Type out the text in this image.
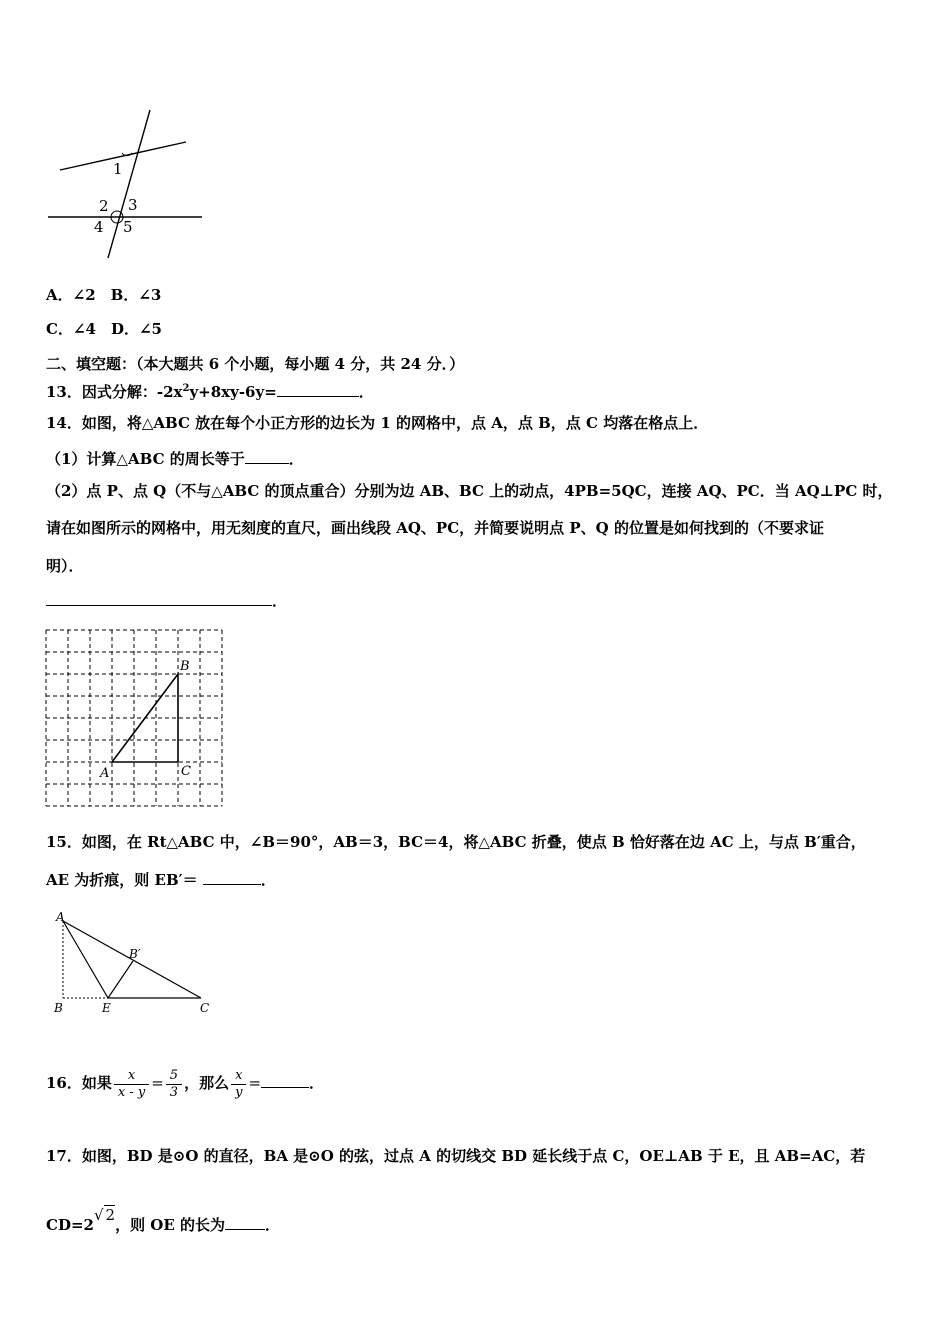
1
2 3
4 5
A．∠2　B．∠3
C．∠4　D．∠5
二、填空题：（本大题共 6 个小题，每小题 4 分，共 24 分．）
13．因式分解：$-2x^2y+8xy-6y=$	．
14．如图，将△ABC 放在每个小正方形的边长为 1 的网格中，点 A，点 B，点 C 均落在格点上．
（1）计算△ABC 的周长等于	．
（2）点 P、点 Q（不与△ABC 的顶点重合）分别为边 AB、BC 上的动点，4PB=5QC，连接 AQ、PC．当 AQ⊥PC 时，
请在如图所示的网格中，用无刻度的直尺，画出线段 AQ、PC，并简要说明点 P、Q 的位置是如何找到的（不要求证
明）．
．
A
B
C
15．如图，在 Rt△ABC 中，∠B＝90°，AB＝3，BC＝4，将△ABC 折叠，使点 B 恰好落在边 AC 上，与点 B′重合，
AE 为折痕，则 EB′＝	．
A
B	E	C
B′
16．如果 $\frac{x}{x - y} = \frac{5}{3}$ ，那么 $\frac{x}{y}$ =	．
17．如图，BD 是⊙O 的直径，BA 是⊙O 的弦，过点 A 的切线交 BD 延长线于点 C，OE⊥AB 于 E，且 AB=AC，若
CD=2√ 2，则 OE 的长为	．
